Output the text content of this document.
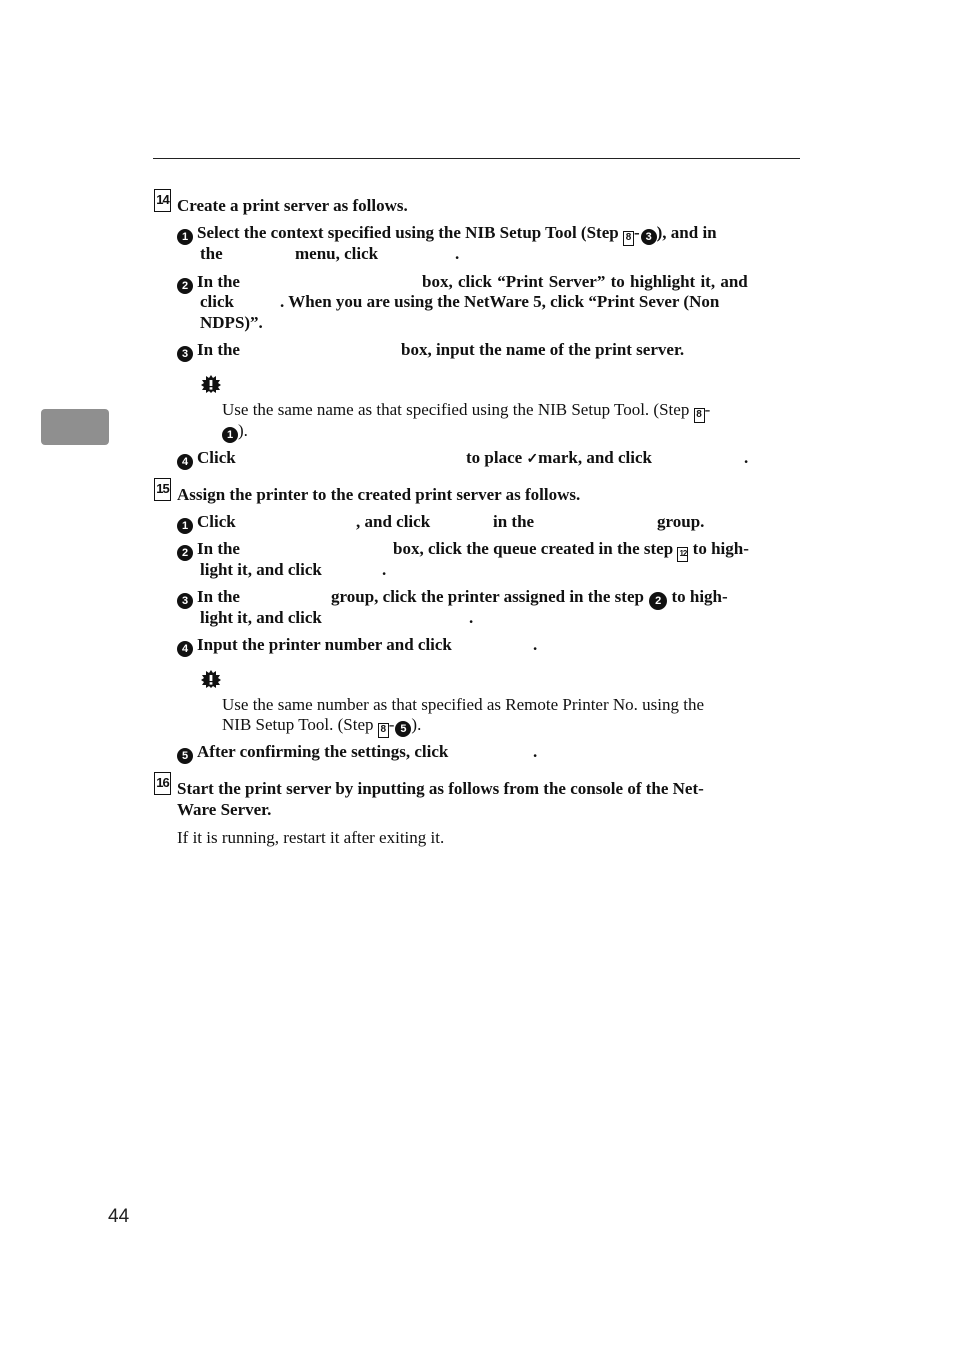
14 Create a print server as follows.
1 Select the context specified using the NIB Setup Tool (Step 8 - 3 ), and in
the	menu, click	.
2 In the	box, click “Print Server” to highlight it, and
click	. When you are using the NetWare 5, click “Print Sever (Non
NDPS)”.
3 In the	box, input the name of the print server.
Use the same name as that specified using the NIB Setup Tool. (Step 8 -
1 ).
4 Click	to place ✓mark, and click	.
15 Assign the printer to the created print server as follows.
1 Click	, and click	in the	group.
2 In the	box, click the queue created in the step 12 to high-
light it, and click	.
3 In the	group, click the printer assigned in the step 2 to high-
light it, and click	.
4 Input the printer number and click	.
Use the same number as that specified as Remote Printer No. using the
NIB Setup Tool. (Step 8 - 5 ).
5 After confirming the settings, click	.
16 Start the print server by inputting as follows from the console of the Net-
Ware Server.
If it is running, restart it after exiting it.
44
